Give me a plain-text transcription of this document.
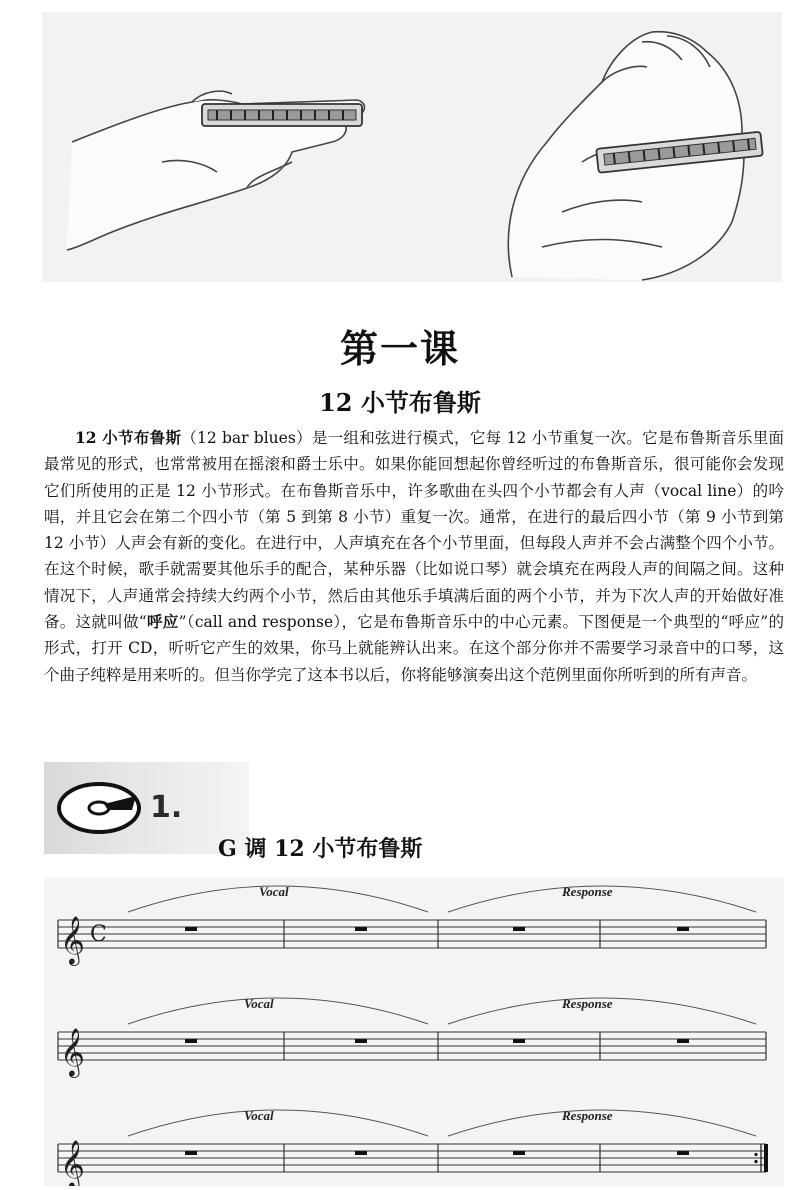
第一课
12 小节布鲁斯

12 小节布鲁斯（12 bar blues）是一组和弦进行模式，它每 12 小节重复一次。它是布鲁斯音乐里面最常见的形式，也常常被用在摇滚和爵士乐中。如果你能回想起你曾经听过的布鲁斯音乐，很可能你会发现它们所使用的正是 12 小节形式。在布鲁斯音乐中，许多歌曲在头四个小节都会有人声（vocal line）的吟唱，并且它会在第二个四小节（第 5 到第 8 小节）重复一次。通常，在进行的最后四小节（第 9 小节到第 12 小节）人声会有新的变化。在进行中，人声填充在各个小节里面，但每段人声并不会占满整个四个小节。在这个时候，歌手就需要其他乐手的配合，某种乐器（比如说口琴）就会填充在两段人声的间隔之间。这种情况下，人声通常会持续大约两个小节，然后由其他乐手填满后面的两个小节，并为下次人声的开始做好准备。这就叫做“呼应”（call and response），它是布鲁斯音乐中的中心元素。下图便是一个典型的“呼应”的形式，打开 CD，听听它产生的效果，你马上就能辨认出来。在这个部分你并不需要学习录音中的口琴，这个曲子纯粹是用来听的。但当你学完了这本书以后，你将能够演奏出这个范例里面你所听到的所有声音。

1.
G 调 12 小节布鲁斯
𝄞 C
Vocal	Response
𝄞
Vocal	Response
𝄞
Vocal	Response
